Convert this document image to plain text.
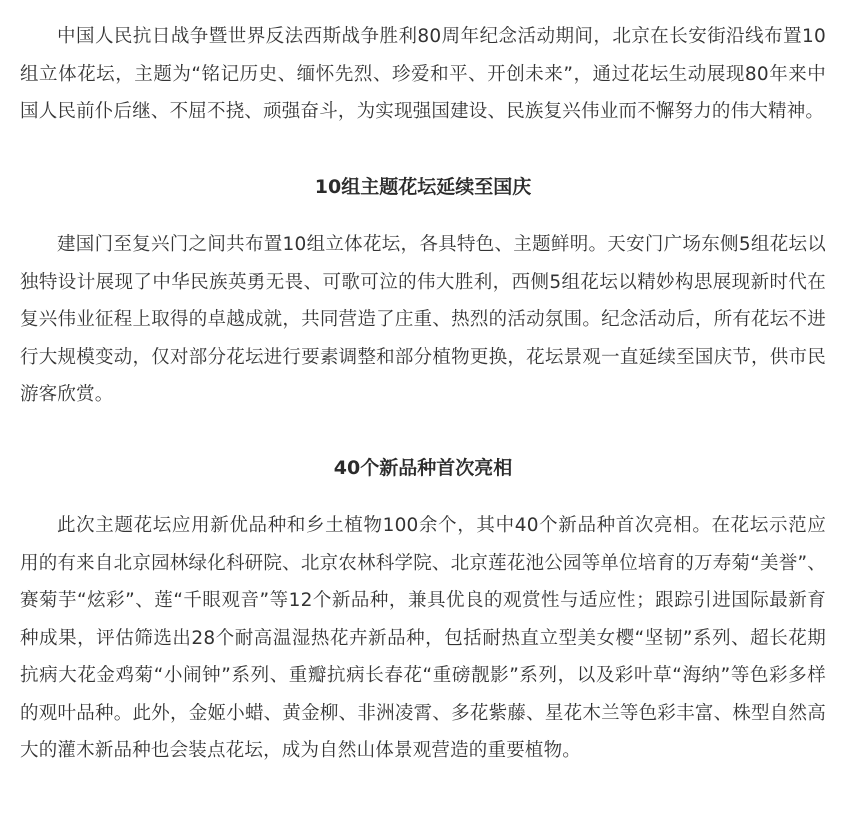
中国人民抗日战争暨世界反法西斯战争胜利80周年纪念活动期间，北京在长安街沿线布置10组立体花坛，主题为“铭记历史、缅怀先烈、珍爱和平、开创未来”，通过花坛生动展现80年来中国人民前仆后继、不屈不挠、顽强奋斗，为实现强国建设、民族复兴伟业而不懈努力的伟大精神。

10组主题花坛延续至国庆

建国门至复兴门之间共布置10组立体花坛，各具特色、主题鲜明。天安门广场东侧5组花坛以独特设计展现了中华民族英勇无畏、可歌可泣的伟大胜利，西侧5组花坛以精妙构思展现新时代在复兴伟业征程上取得的卓越成就，共同营造了庄重、热烈的活动氛围。纪念活动后，所有花坛不进行大规模变动，仅对部分花坛进行要素调整和部分植物更换，花坛景观一直延续至国庆节，供市民游客欣赏。

40个新品种首次亮相

此次主题花坛应用新优品种和乡土植物100余个，其中40个新品种首次亮相。在花坛示范应用的有来自北京园林绿化科研院、北京农林科学院、北京莲花池公园等单位培育的万寿菊“美誉”、赛菊芋“炫彩”、莲“千眼观音”等12个新品种，兼具优良的观赏性与适应性；跟踪引进国际最新育种成果，评估筛选出28个耐高温湿热花卉新品种，包括耐热直立型美女樱“坚韧”系列、超长花期抗病大花金鸡菊“小闹钟”系列、重瓣抗病长春花“重磅靓影”系列，以及彩叶草“海纳”等色彩多样的观叶品种。此外，金姬小蜡、黄金柳、非洲凌霄、多花紫藤、星花木兰等色彩丰富、株型自然高大的灌木新品种也会装点花坛，成为自然山体景观营造的重要植物。
